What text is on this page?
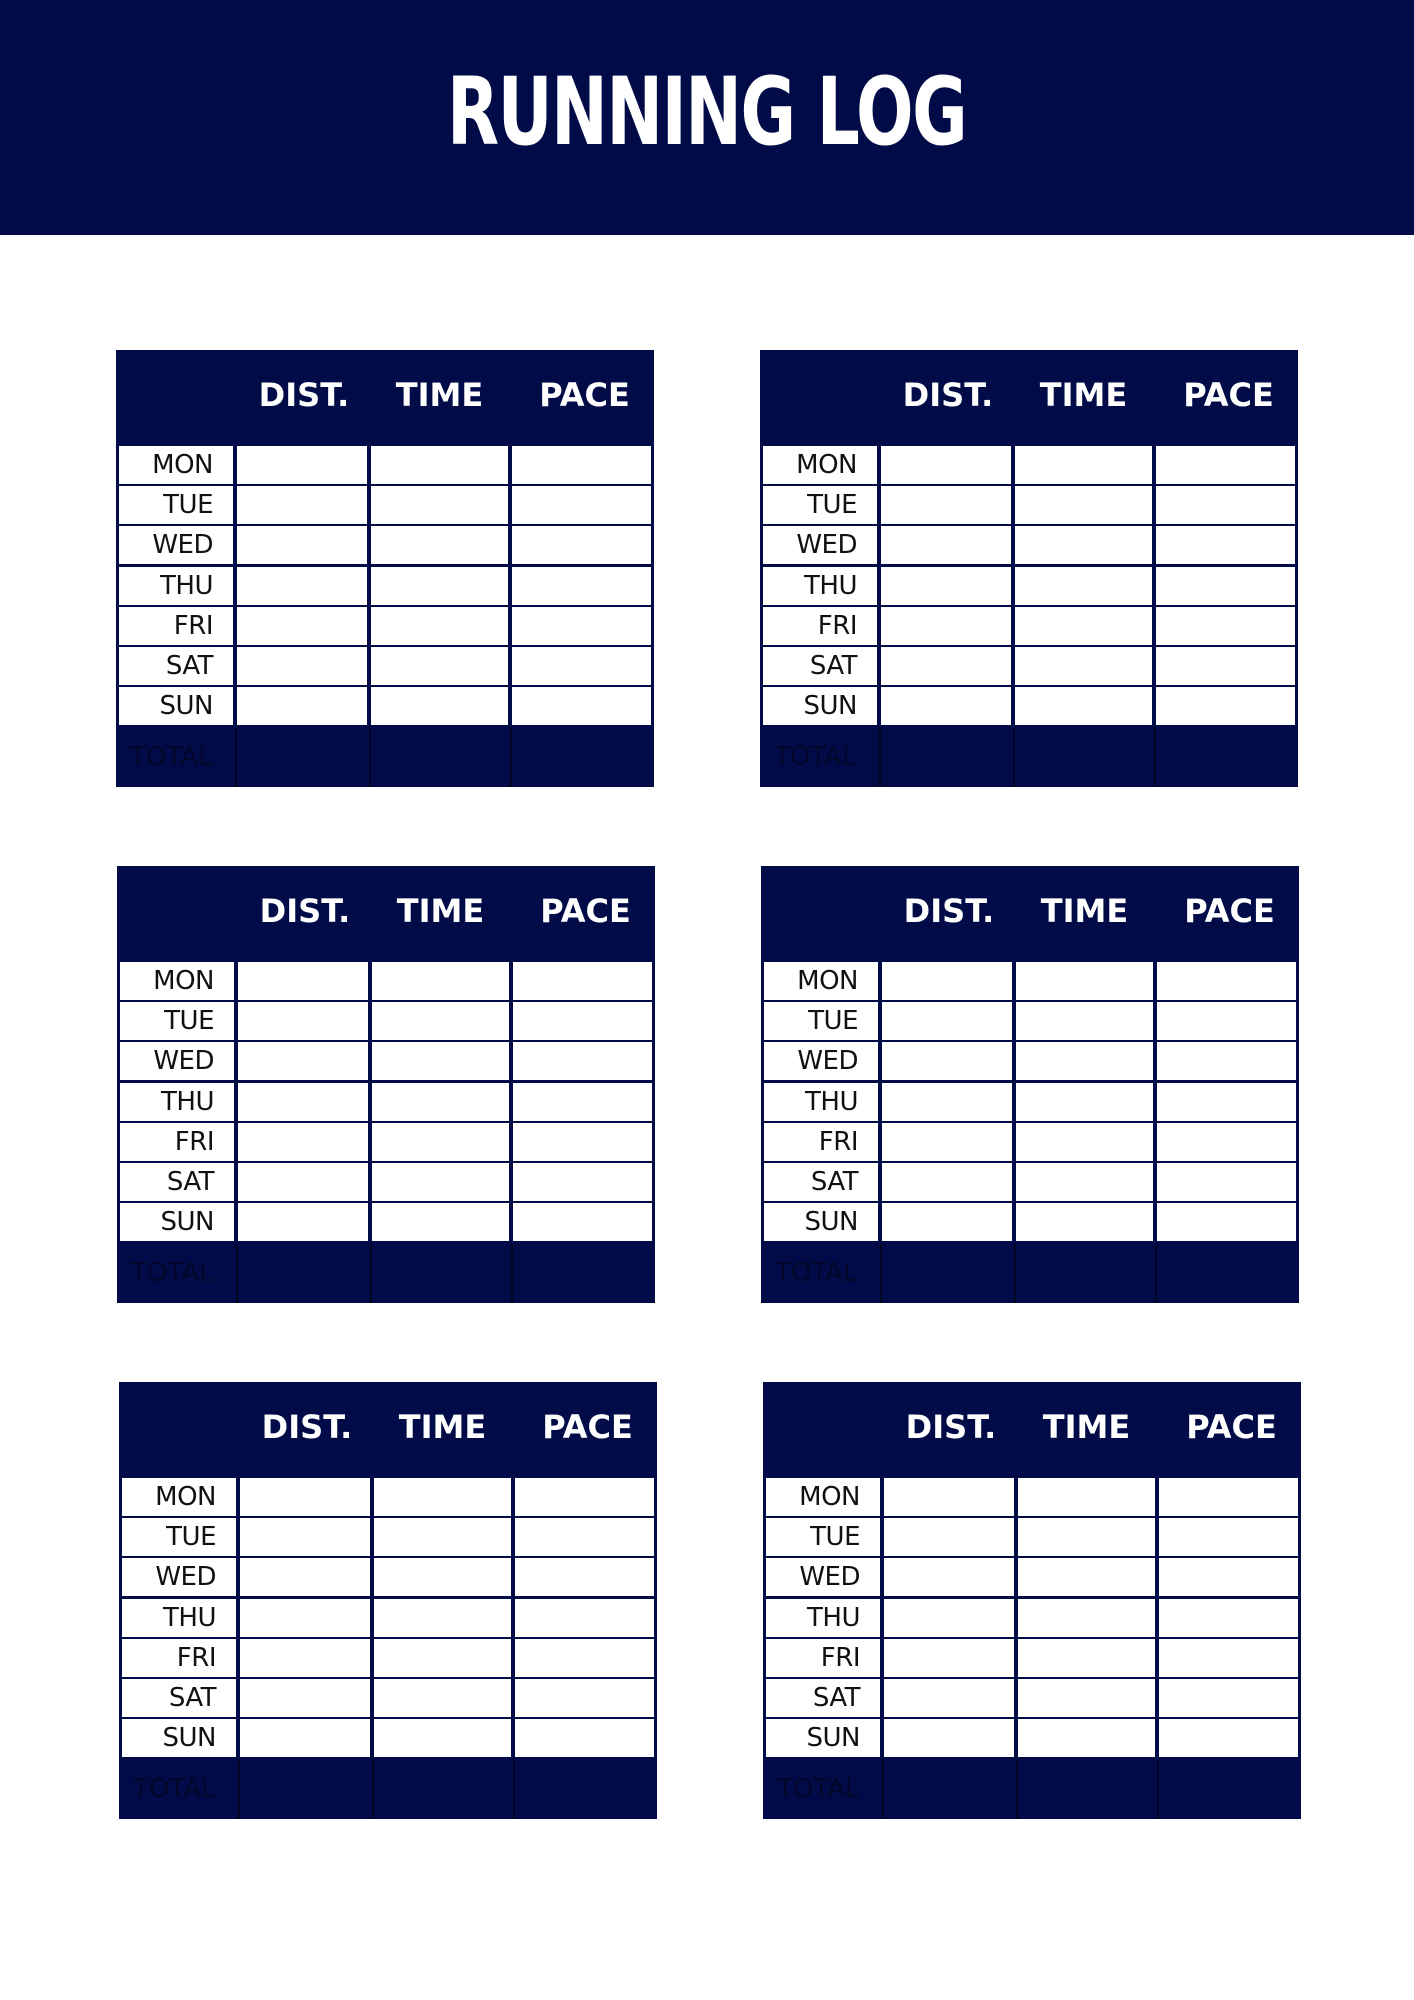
RUNNING LOG
DIST.	TIME	PACE
MON
TUE
WED
THU
FRI
SAT
SUN
TOTAL
DIST.	TIME	PACE
MON
TUE
WED
THU
FRI
SAT
SUN
TOTAL
DIST.	TIME	PACE
MON
TUE
WED
THU
FRI
SAT
SUN
TOTAL
DIST.	TIME	PACE
MON
TUE
WED
THU
FRI
SAT
SUN
TOTAL
DIST.	TIME	PACE
MON
TUE
WED
THU
FRI
SAT
SUN
TOTAL
DIST.	TIME	PACE
MON
TUE
WED
THU
FRI
SAT
SUN
TOTAL
